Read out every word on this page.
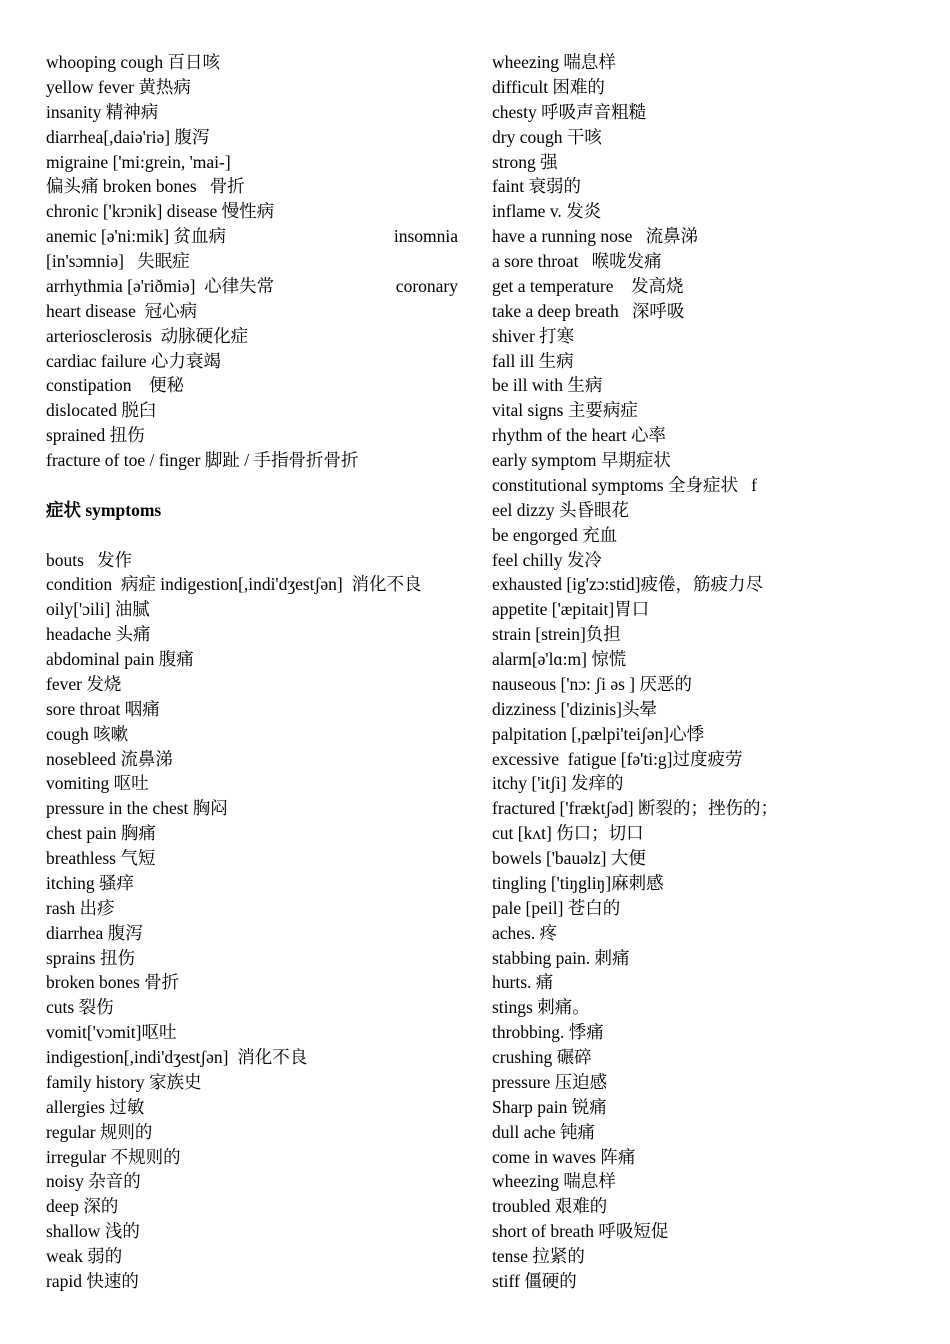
whooping cough 百日咳
yellow fever 黄热病
insanity 精神病
diarrhea[,daiə'riə] 腹泻
migraine ['mi:grein, 'mai-]
偏头痛 broken bones   骨折
chronic ['krɔnik] disease 慢性病
anemic [ə'ni:mik] 贫血病	insomnia
[in'sɔmniə]   失眠症
arrhythmia [ə'riðmiə]  心律失常	coronary
heart disease  冠心病
arteriosclerosis  动脉硬化症
cardiac failure 心力衰竭
constipation    便秘
dislocated 脱臼
sprained 扭伤
fracture of toe / finger 脚趾 / 手指骨折骨折
症状 symptoms
bouts   发作
condition  病症 indigestion[,indi'dʒestʃən]  消化不良
oily['ɔili] 油腻
headache 头痛
abdominal pain 腹痛
fever 发烧
sore throat 咽痛
cough 咳嗽
nosebleed 流鼻涕
vomiting 呕吐
pressure in the chest 胸闷
chest pain 胸痛
breathless 气短
itching 骚痒
rash 出疹
diarrhea 腹泻
sprains 扭伤
broken bones 骨折
cuts 裂伤
vomit['vɔmit]呕吐
indigestion[,indi'dʒestʃən]  消化不良
family history 家族史
allergies 过敏
regular 规则的
irregular 不规则的
noisy 杂音的
deep 深的
shallow 浅的
weak 弱的
rapid 快速的
wheezing 喘息样
difficult 困难的
chesty 呼吸声音粗糙
dry cough 干咳
strong 强
faint 衰弱的
inflame v. 发炎
have a running nose   流鼻涕
a sore throat   喉咙发痛
get a temperature    发高烧
take a deep breath   深呼吸
shiver 打寒
fall ill 生病
be ill with 生病
vital signs 主要病症
rhythm of the heart 心率
early symptom 早期症状
constitutional symptoms 全身症状   f
eel dizzy 头昏眼花
be engorged 充血
feel chilly 发冷
exhausted [ig'zɔ:stid]疲倦，筋疲力尽
appetite ['æpitait]胃口
strain [strein]负担
alarm[ə'lɑ:m] 惊慌
nauseous ['nɔ: ʃi əs ] 厌恶的
dizziness ['dizinis]头晕
palpitation [,pælpi'teiʃən]心悸
excessive  fatigue [fə'ti:g]过度疲劳
itchy ['itʃi] 发痒的
fractured ['fræktʃəd] 断裂的；挫伤的；
cut [kʌt] 伤口；切口
bowels ['bauəlz] 大便
tingling ['tiŋgliŋ]麻刺感
pale [peil] 苍白的
aches. 疼
stabbing pain. 刺痛
hurts. 痛
stings 刺痛。
throbbing. 悸痛
crushing 碾碎
pressure 压迫感
Sharp pain 锐痛
dull ache 钝痛
come in waves 阵痛
wheezing 喘息样
troubled 艰难的
short of breath 呼吸短促
tense 拉紧的
stiff 僵硬的
